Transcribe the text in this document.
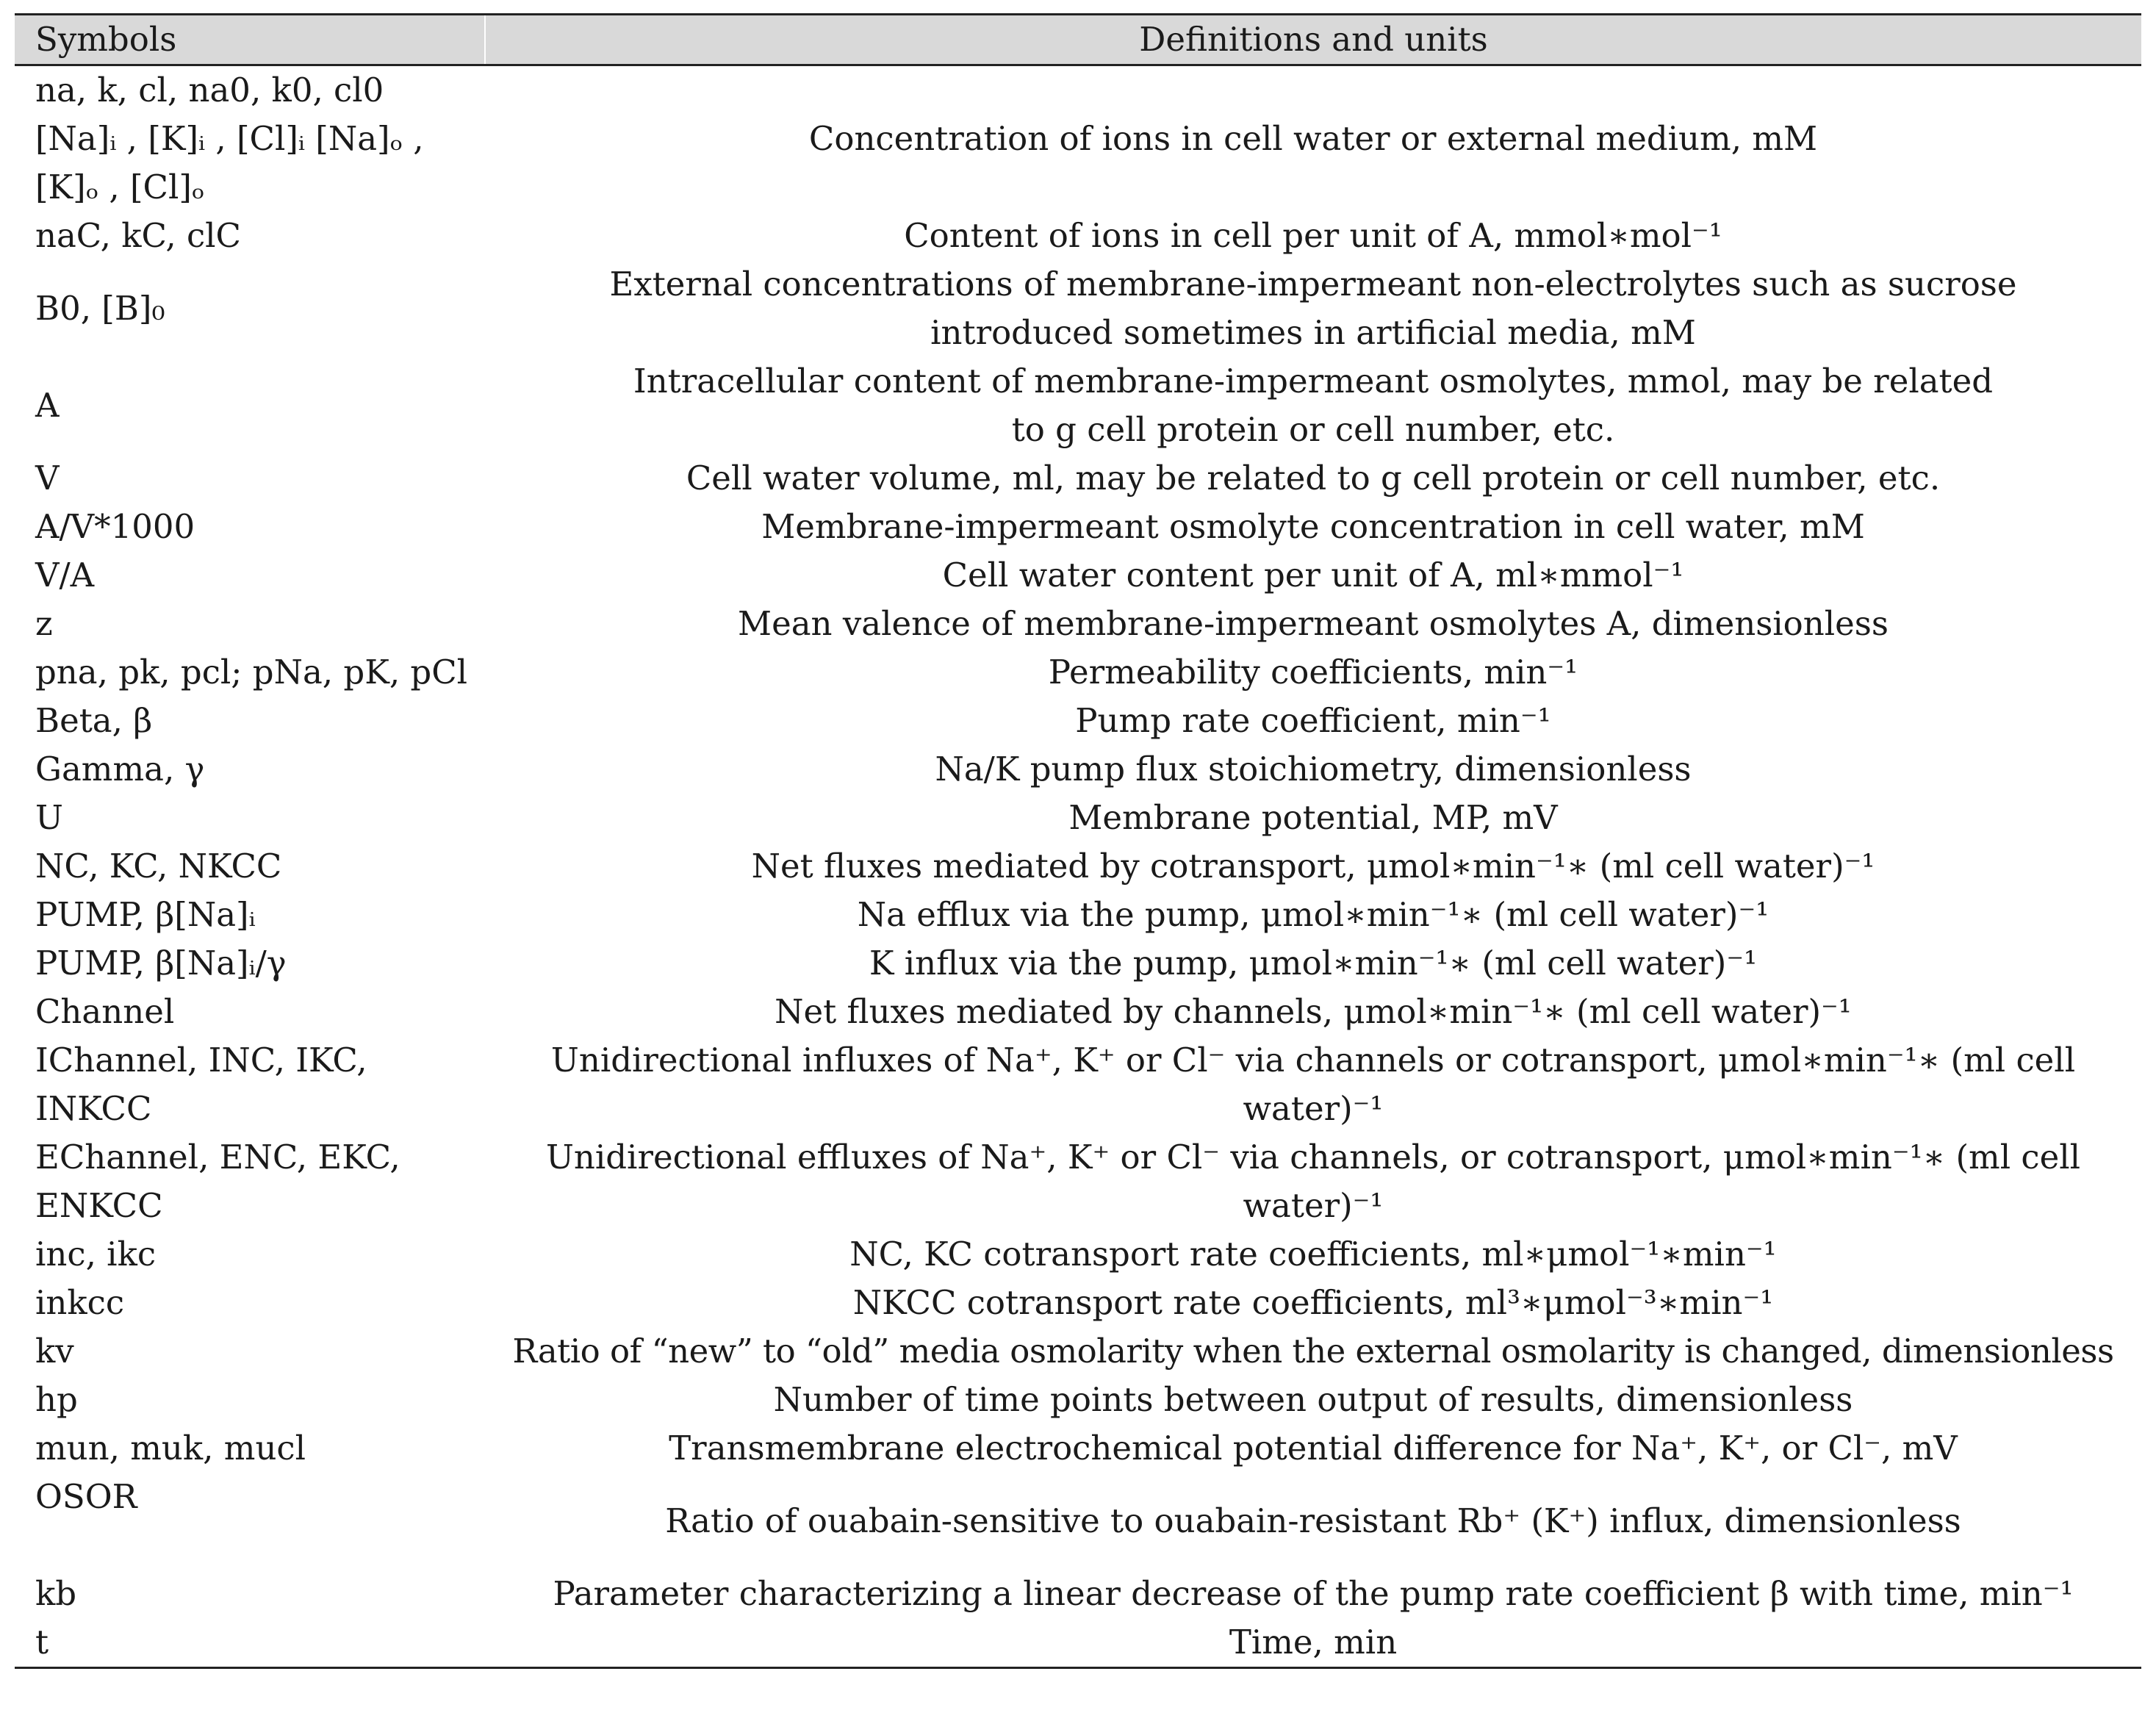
Symbols	Definitions and units
na, k, cl, na0, k0, cl0
[Na]ᵢ , [K]ᵢ , [Cl]ᵢ [Na]ₒ ,
[K]ₒ , [Cl]ₒ	Concentration of ions in cell water or external medium, mM
naC, kC, clC	Content of ions in cell per unit of A, mmol∗mol⁻¹
B0, [B]₀	External concentrations of membrane-impermeant non-electrolytes such as sucrose introduced sometimes in artificial media, mM
A	Intracellular content of membrane-impermeant osmolytes, mmol, may be related to g cell protein or cell number, etc.
V	Cell water volume, ml, may be related to g cell protein or cell number, etc.
A/V*1000	Membrane-impermeant osmolyte concentration in cell water, mM
V/A	Cell water content per unit of A, ml∗mmol⁻¹
z	Mean valence of membrane-impermeant osmolytes A, dimensionless
pna, pk, pcl; pNa, pK, pCl	Permeability coefficients, min⁻¹
Beta, β	Pump rate coefficient, min⁻¹
Gamma, γ	Na/K pump flux stoichiometry, dimensionless
U	Membrane potential, MP, mV
NC, KC, NKCC	Net fluxes mediated by cotransport, μmol∗min⁻¹∗ (ml cell water)⁻¹
PUMP, β[Na]ᵢ	Na efflux via the pump, μmol∗min⁻¹∗ (ml cell water)⁻¹
PUMP, β[Na]ᵢ/γ	K influx via the pump, μmol∗min⁻¹∗ (ml cell water)⁻¹
Channel	Net fluxes mediated by channels, μmol∗min⁻¹∗ (ml cell water)⁻¹
IChannel, INC, IKC, INKCC	Unidirectional influxes of Na⁺, K⁺ or Cl⁻ via channels or cotransport, μmol∗min⁻¹∗ (ml cell water)⁻¹
EChannel, ENC, EKC,
ENKCC	Unidirectional effluxes of Na⁺, K⁺ or Cl⁻ via channels, or cotransport, μmol∗min⁻¹∗ (ml cell water)⁻¹
inc, ikc	NC, KC cotransport rate coefficients, ml∗μmol⁻¹∗min⁻¹
inkcc	NKCC cotransport rate coefficients, ml³∗μmol⁻³∗min⁻¹
kv	Ratio of “new” to “old” media osmolarity when the external osmolarity is changed, dimensionless
hp	Number of time points between output of results, dimensionless
mun, muk, mucl	Transmembrane electrochemical potential difference for Na⁺, K⁺, or Cl⁻, mV
OSOR	Ratio of ouabain-sensitive to ouabain-resistant Rb⁺ (K⁺) influx, dimensionless
kb	Parameter characterizing a linear decrease of the pump rate coefficient β with time, min⁻¹
t	Time, min
